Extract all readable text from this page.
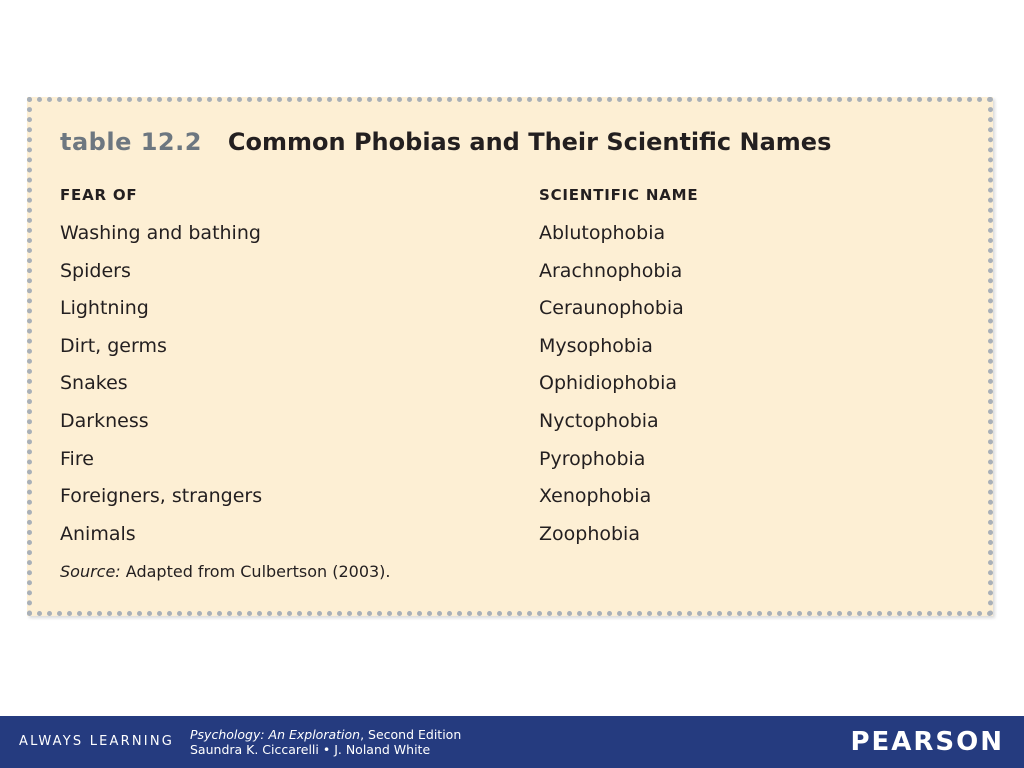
table 12.2 Common Phobias and Their Scientific Names
FEAR OF
Washing and bathing
Spiders
Lightning
Dirt, germs
Snakes
Darkness
Fire
Foreigners, strangers
Animals
SCIENTIFIC NAME
Ablutophobia
Arachnophobia
Ceraunophobia
Mysophobia
Ophidiophobia
Nyctophobia
Pyrophobia
Xenophobia
Zoophobia
Source: Adapted from Culbertson (2003).
ALWAYS LEARNING Psychology: An Exploration, Second Edition
Saundra K. Ciccarelli • J. Noland White	PEARSON
